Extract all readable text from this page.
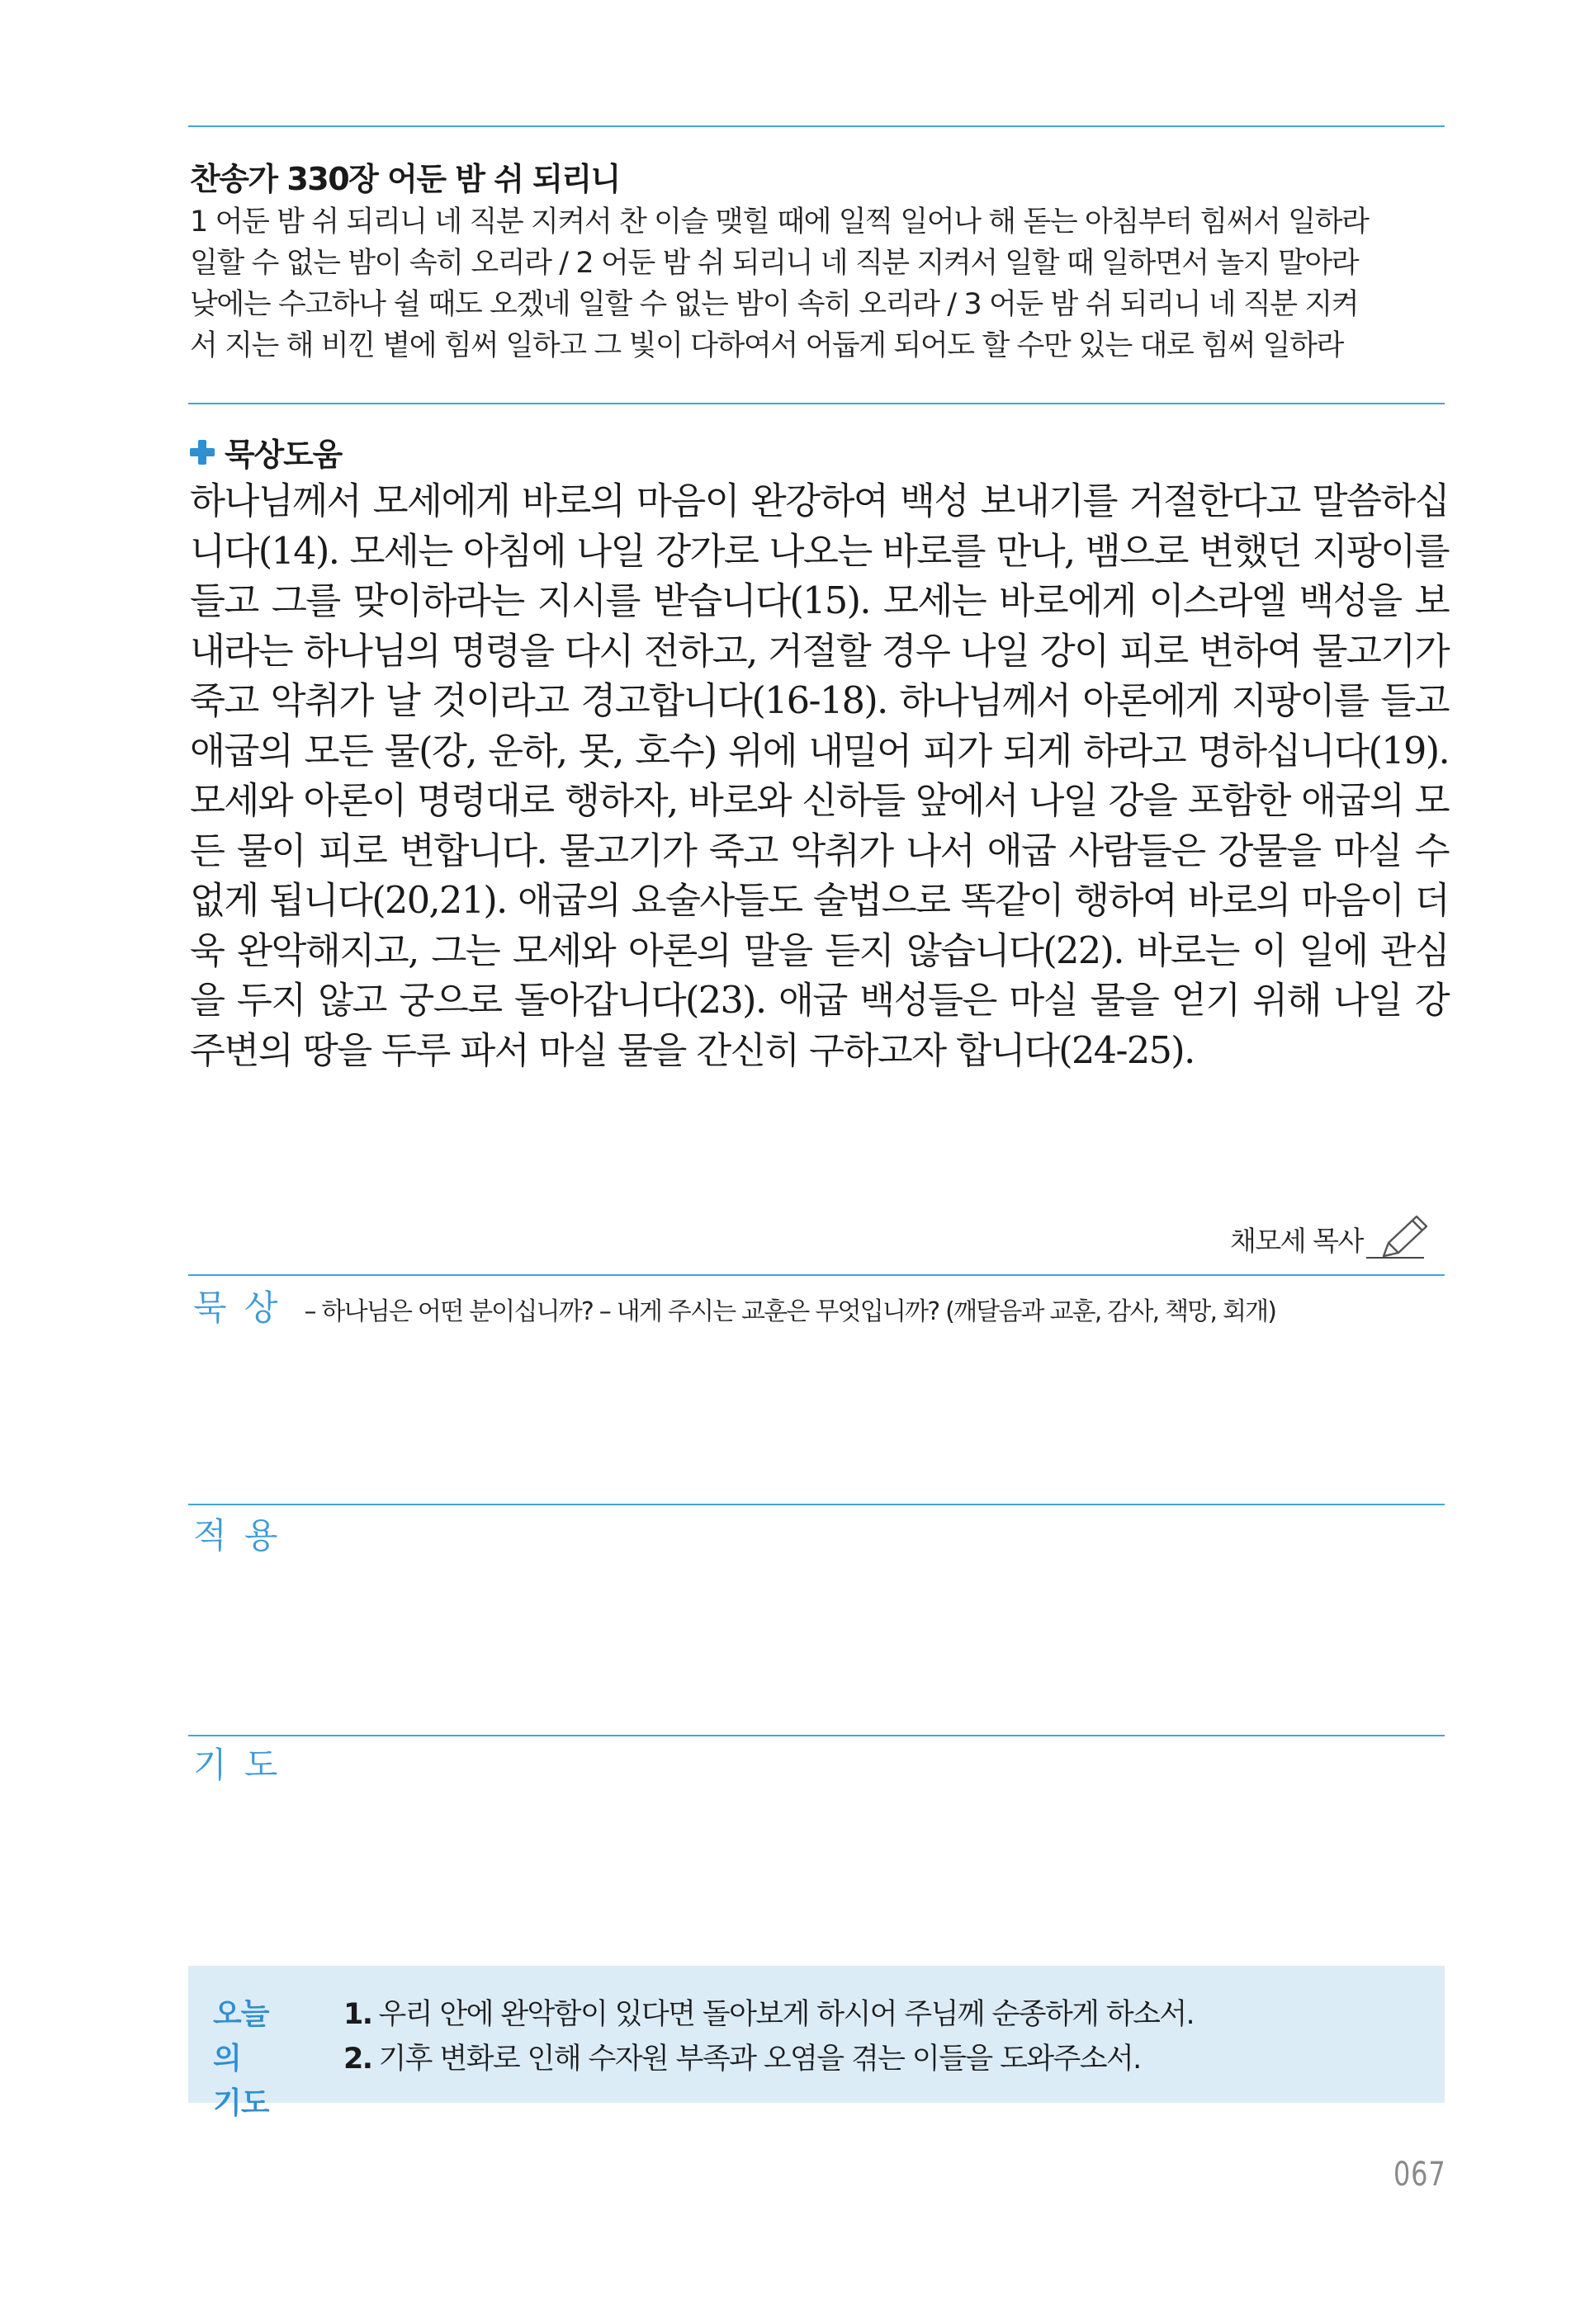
찬송가 330장 어둔 밤 쉬 되리니
1 어둔 밤 쉬 되리니 네 직분 지켜서 찬 이슬 맺힐 때에 일찍 일어나 해 돋는 아침부터 힘써서 일하라
일할 수 없는 밤이 속히 오리라 / 2 어둔 밤 쉬 되리니 네 직분 지켜서 일할 때 일하면서 놀지 말아라
낮에는 수고하나 쉴 때도 오겠네 일할 수 없는 밤이 속히 오리라 / 3 어둔 밤 쉬 되리니 네 직분 지켜
서 지는 해 비낀 볕에 힘써 일하고 그 빛이 다하여서 어둡게 되어도 할 수만 있는 대로 힘써 일하라
묵상도움
하나님께서 모세에게 바로의 마음이 완강하여 백성 보내기를 거절한다고 말씀하십니다(14). 모세는 아침에 나일 강가로 나오는 바로를 만나, 뱀으로 변했던 지팡이를 들고 그를 맞이하라는 지시를 받습니다(15). 모세는 바로에게 이스라엘 백성을 보내라는 하나님의 명령을 다시 전하고, 거절할 경우 나일 강이 피로 변하여 물고기가 죽고 악취가 날 것이라고 경고합니다(16-18). 하나님께서 아론에게 지팡이를 들고 애굽의 모든 물(강, 운하, 못, 호수) 위에 내밀어 피가 되게 하라고 명하십니다(19). 모세와 아론이 명령대로 행하자, 바로와 신하들 앞에서 나일 강을 포함한 애굽의 모든 물이 피로 변합니다. 물고기가 죽고 악취가 나서 애굽 사람들은 강물을 마실 수 없게 됩니다(20,21). 애굽의 요술사들도 술법으로 똑같이 행하여 바로의 마음이 더욱 완악해지고, 그는 모세와 아론의 말을 듣지 않습니다(22). 바로는 이 일에 관심을 두지 않고 궁으로 돌아갑니다(23). 애굽 백성들은 마실 물을 얻기 위해 나일 강 주변의 땅을 두루 파서 마실 물을 간신히 구하고자 합니다(24-25).
채모세 목사
묵 상 – 하나님은 어떤 분이십니까? – 내게 주시는 교훈은 무엇입니까? (깨달음과 교훈, 감사, 책망, 회개)
적 용
기 도
오늘의
기도
1. 우리 안에 완악함이 있다면 돌아보게 하시어 주님께 순종하게 하소서.
2. 기후 변화로 인해 수자원 부족과 오염을 겪는 이들을 도와주소서.
067
